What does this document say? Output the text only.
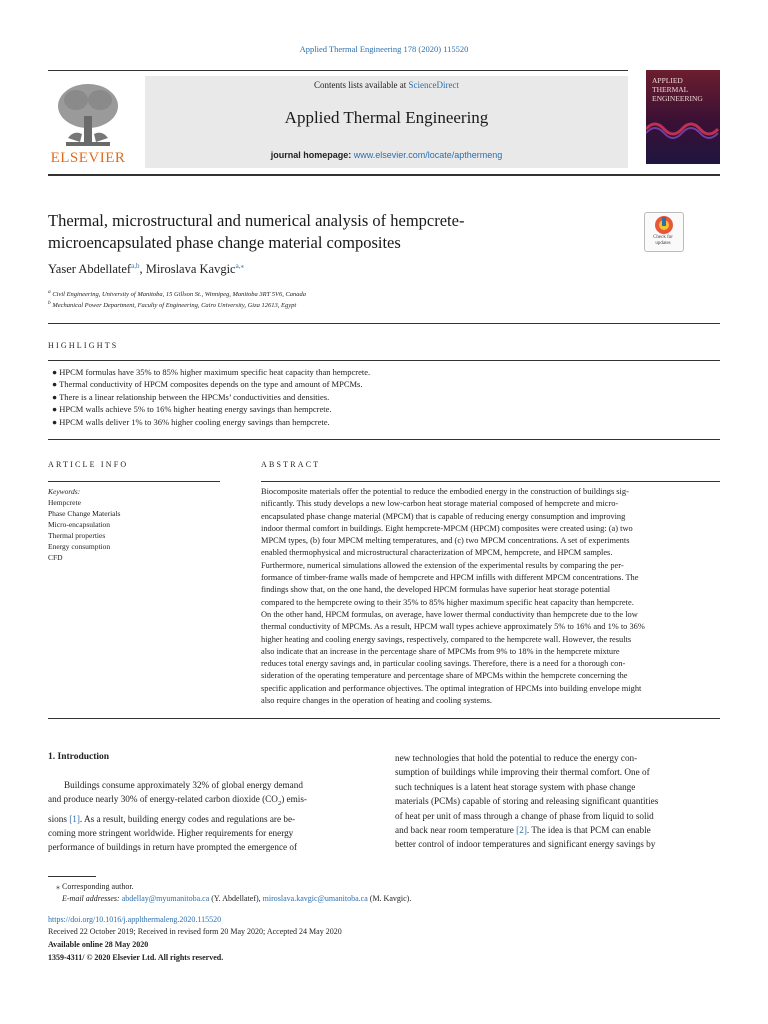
Applied Thermal Engineering 178 (2020) 115520
ELSEVIER
Contents lists available at ScienceDirect
Applied Thermal Engineering
journal homepage: www.elsevier.com/locate/apthermeng
APPLIED
THERMAL
ENGINEERING
Thermal, microstructural and numerical analysis of hempcrete-
microencapsulated phase change material composites	Check for
updates
Yaser Abdellatef$^{a,b}$, Miroslava Kavgic$^{a,⁎}$
$^a$ Civil Engineering, University of Manitoba, 15 Gillson St., Winnipeg, Manitoba 3RT 5V6, Canada
$^b$ Mechanical Power Department, Faculty of Engineering, Cairo University, Giza 12613, Egypt
HIGHLIGHTS
● HPCM formulas have 35% to 85% higher maximum specific heat capacity than hempcrete.
● Thermal conductivity of HPCM composites depends on the type and amount of MPCMs.
● There is a linear relationship between the HPCMs’ conductivities and densities.
● HPCM walls achieve 5% to 16% higher heating energy savings than hempcrete.
● HPCM walls deliver 1% to 36% higher cooling energy savings than hempcrete.
ARTICLE INFO
Keywords:
Hempcrete
Phase Change Materials
Micro-encapsulation
Thermal properties
Energy consumption
CFD
ABSTRACT
Biocomposite materials offer the potential to reduce the embodied energy in the construction of buildings sig-
nificantly. This study develops a new low-carbon heat storage material composed of hempcrete and micro-
encapsulated phase change material (MPCM) that is capable of reducing energy consumption and improving
indoor thermal comfort in buildings. Eight hempcrete-MPCM (HPCM) composites were created using: (a) two
MPCM types, (b) four MPCM melting temperatures, and (c) two MPCM concentrations. A set of experiments
enabled thermophysical and microstructural characterization of MPCM, hempcrete, and HPCM samples.
Furthermore, numerical simulations allowed the extension of the experimental results by comparing the per-
formance of timber-frame walls made of hempcrete and HPCM infills with different MPCM concentrations. The
findings show that, on the one hand, the developed HPCM formulas have superior heat storage potential
compared to the hempcrete owing to their 35% to 85% higher maximum specific heat capacity than hempcrete.
On the other hand, HPCM formulas, on average, have lower thermal conductivity than hempcrete due to the low
thermal conductivity of MPCMs. As a result, HPCM wall types achieve approximately 5% to 16% and 1% to 36%
higher heating and cooling energy savings, respectively, compared to the hempcrete wall. However, the results
also indicate that an increase in the percentage share of MPCMs from 9% to 18% in the hempcrete mixture
reduces total energy savings and, in particular cooling savings. Therefore, there is a need for a thorough con-
sideration of the operating temperature and percentage share of MPCMs within the hempcrete concerning the
specific application and performance objectives. The optimal integration of HPCMs into building envelope might
also require changes in the operation of heating and cooling systems.
1. Introduction
Buildings consume approximately 32% of global energy demand
and produce nearly 30% of energy-related carbon dioxide $(CO_2)$ emis-
sions [1]. As a result, building energy codes and regulations are be-
coming more stringent worldwide. Higher requirements for energy
performance of buildings in return have prompted the emergence of
new technologies that hold the potential to reduce the energy con-
sumption of buildings while improving their thermal comfort. One of
such techniques is a latent heat storage system with phase change
materials (PCMs) capable of storing and releasing significant quantities
of heat per unit of mass through a change of phase from liquid to solid
and back near room temperature [2]. The idea is that PCM can enable
better control of indoor temperatures and significant energy savings by
⁎ Corresponding author.
E-mail addresses: abdellay@myumanitoba.ca (Y. Abdellatef), miroslava.kavgic@umanitoba.ca (M. Kavgic).
https://doi.org/10.1016/j.applthermaleng.2020.115520
Received 22 October 2019; Received in revised form 20 May 2020; Accepted 24 May 2020
Available online 28 May 2020
1359-4311/ © 2020 Elsevier Ltd. All rights reserved.
